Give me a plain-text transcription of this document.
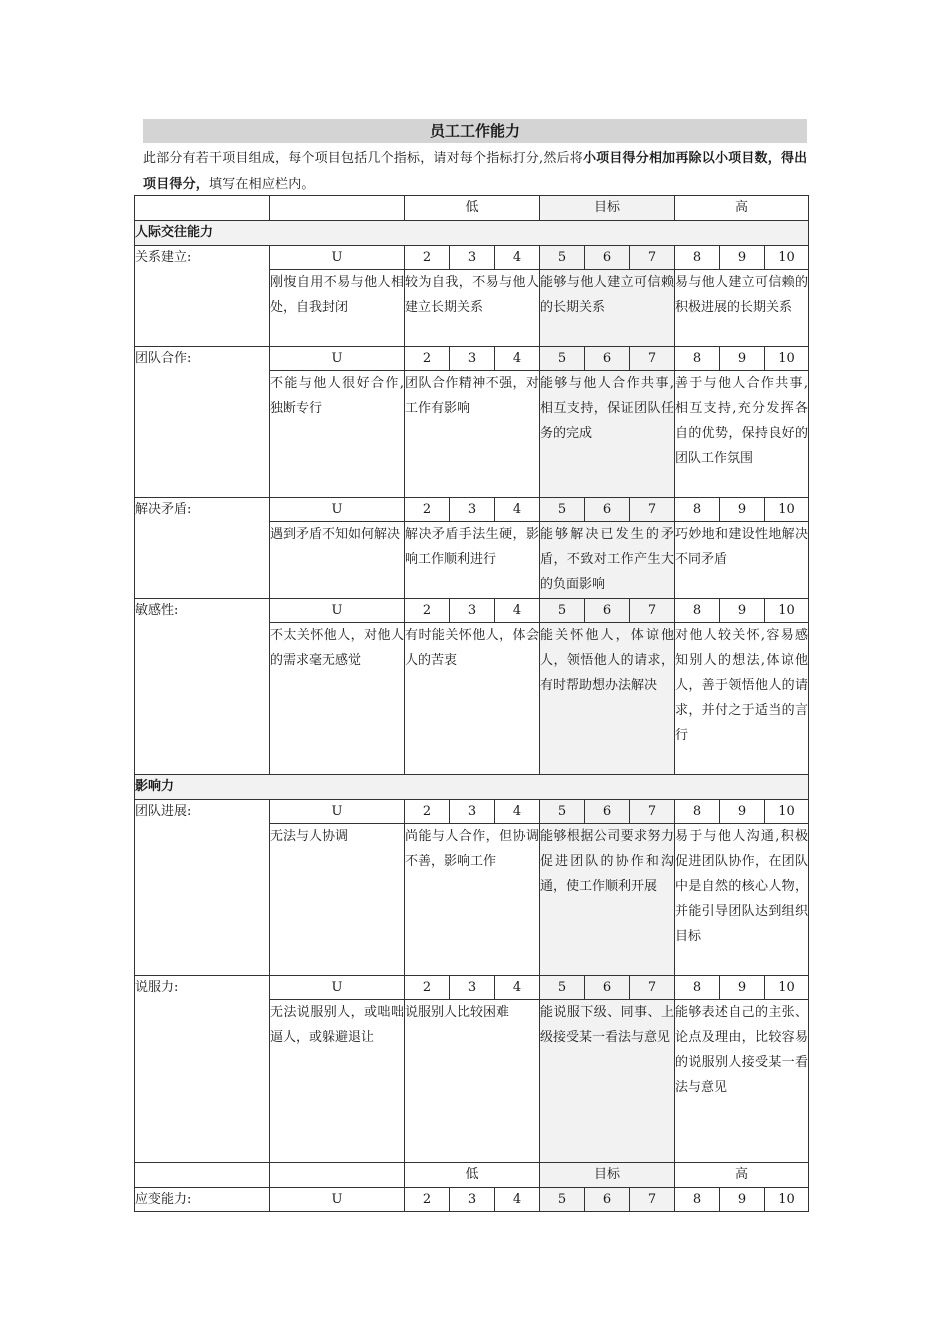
员工工作能力
此部分有若干项目组成，每个项目包括几个指标，请对每个指标打分,然后将小项目得分相加再除以小项目数，得出项目得分，填写在相应栏内。
		低			目标			高		
人际交往能力										
关系建立:	U	2	3	4	5	6	7	8	9	10

	刚愎自用不易与他人相处，自我封闭	较为自我，不易与他人建立长期关系			能够与他人建立可信赖的长期关系			易与他人建立可信赖的积极进展的长期关系		

团队合作:	U	2	3	4	5	6	7	8	9	10

	不能与他人很好合作,独断专行	团队合作精神不强，对工作有影响			能够与他人合作共事,相互支持，保证团队任务的完成			善于与他人合作共事,相互支持,充分发挥各自的优势，保持良好的团队工作氛围		

解决矛盾:	U	2	3	4	5	6	7	8	9	10

	遇到矛盾不知如何解决	解决矛盾手法生硬，影响工作顺利进行			能够解决已发生的矛盾，不致对工作产生大的负面影响			巧妙地和建设性地解决不同矛盾		

敏感性:	U	2	3	4	5	6	7	8	9	10

	不太关怀他人，对他人的需求毫无感觉	有时能关怀他人，体会人的苦衷			能关怀他人，体谅他人，领悟他人的请求，有时帮助想办法解决			对他人较关怀,容易感知别人的想法,体谅他人，善于领悟他人的请求，并付之于适当的言行		

影响力										
团队进展:	U	2	3	4	5	6	7	8	9	10

	无法与人协调	尚能与人合作，但协调不善，影响工作			能够根据公司要求努力促进团队的协作和沟通，使工作顺利开展			易于与他人沟通,积极促进团队协作，在团队中是自然的核心人物，并能引导团队达到组织目标		

说服力:	U	2	3	4	5	6	7	8	9	10

	无法说服别人，或咄咄逼人，或躲避退让	说服别人比较困难			能说服下级、同事、上级接受某一看法与意见			能够表述自己的主张、论点及理由，比较容易的说服别人接受某一看法与意见		

		低			目标			高		
应变能力:	U	2	3	4	5	6	7	8	9	10
